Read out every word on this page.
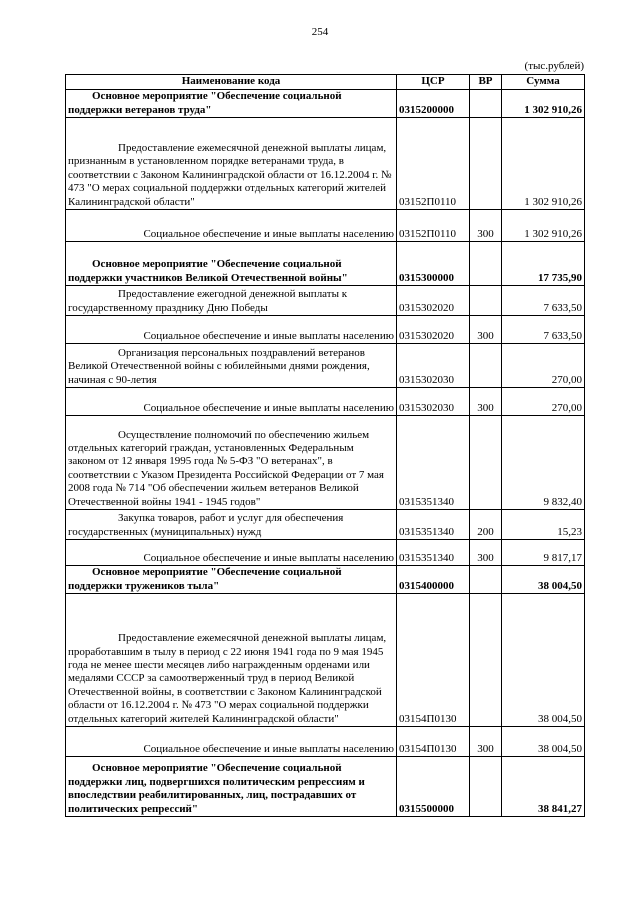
254
(тыс.рублей)
Наименование кода	ЦСР	ВР	Сумма
Основное мероприятие "Обеспечение социальной поддержки ветеранов труда"	0315200000		1 302 910,26
Предоставление ежемесячной денежной выплаты лицам, признанным в установленном порядке ветеранами труда, в соответствии с Законом Калининградской области от 16.12.2004 г. № 473 "О мерах социальной поддержки отдельных категорий жителей Калининградской области"	03152П0110		1 302 910,26
Социальное обеспечение и иные выплаты населению	03152П0110	300	1 302 910,26
Основное мероприятие "Обеспечение социальной поддержки участников Великой Отечественной войны"	0315300000		17 735,90
Предоставление ежегодной денежной выплаты к государственному празднику Дню Победы	0315302020		7 633,50
Социальное обеспечение и иные выплаты населению	0315302020	300	7 633,50
Организация персональных поздравлений ветеранов Великой Отечественной войны с юбилейными днями рождения, начиная с 90-летия	0315302030		270,00
Социальное обеспечение и иные выплаты населению	0315302030	300	270,00
Осуществление полномочий по обеспечению жильем отдельных категорий граждан, установленных Федеральным законом от 12 января 1995 года № 5-ФЗ "О ветеранах", в соответствии с Указом Президента Российской Федерации от 7 мая 2008 года № 714 "Об обеспечении жильем ветеранов Великой Отечественной войны 1941 - 1945 годов"	0315351340		9 832,40
Закупка товаров, работ и услуг для обеспечения государственных (муниципальных) нужд	0315351340	200	15,23
Социальное обеспечение и иные выплаты населению	0315351340	300	9 817,17
Основное мероприятие "Обеспечение социальной поддержки тружеников тыла"	0315400000		38 004,50
Предоставление ежемесячной денежной выплаты лицам, проработавшим в тылу в период с 22 июня 1941 года по 9 мая 1945 года не менее шести месяцев либо награжденным орденами или медалями СССР за самоотверженный труд в период Великой Отечественной войны, в соответствии с Законом Калининградской области от 16.12.2004 г. № 473 "О мерах социальной поддержки отдельных категорий жителей Калининградской области"	03154П0130		38 004,50
Социальное обеспечение и иные выплаты населению	03154П0130	300	38 004,50
Основное мероприятие "Обеспечение социальной поддержки лиц, подвергшихся политическим репрессиям и впоследствии реабилитированных, лиц, пострадавших от политических репрессий"	0315500000		38 841,27
